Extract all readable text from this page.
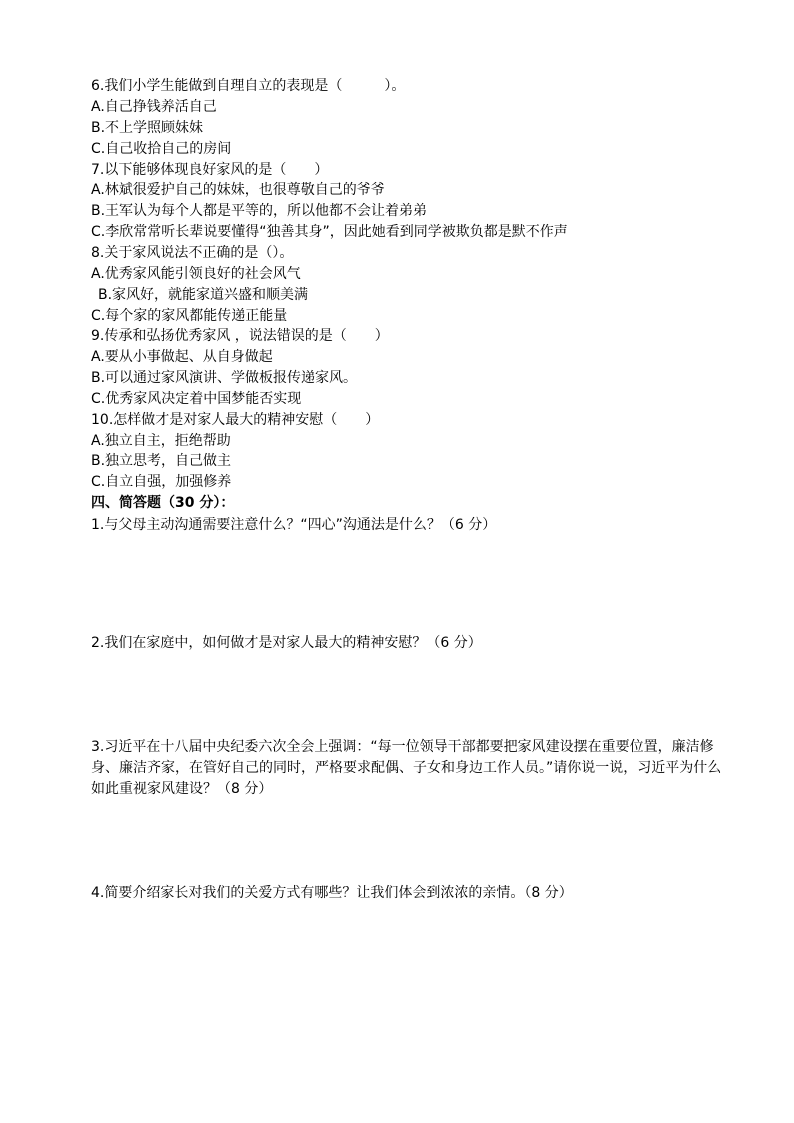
6.我们小学生能做到自理自立的表现是（　　　）。
A.自己挣钱养活自己
B.不上学照顾妹妹
C.自己收拾自己的房间
7.以下能够体现良好家风的是（　　）
A.林斌很爱护自己的妹妹，也很尊敬自己的爷爷
B.王军认为每个人都是平等的，所以他都不会让着弟弟
C.李欣常常听长辈说要懂得“独善其身”，因此她看到同学被欺负都是默不作声
8.关于家风说法不正确的是（）。
A.优秀家风能引领良好的社会风气
B.家风好，就能家道兴盛和顺美满
C.每个家的家风都能传递正能量
9.传承和弘扬优秀家风 ，说法错误的是（　　）
A.要从小事做起、从自身做起
B.可以通过家风演讲、学做板报传递家风。
C.优秀家风决定着中国梦能否实现
10.怎样做才是对家人最大的精神安慰（　　）
A.独立自主，拒绝帮助
B.独立思考，自己做主
C.自立自强，加强修养
四、简答题（30 分）：
1.与父母主动沟通需要注意什么？“四心”沟通法是什么？（6 分）
2.我们在家庭中，如何做才是对家人最大的精神安慰？（6 分）
3.习近平在十八届中央纪委六次全会上强调：“每一位领导干部都要把家风建设摆在重要位置，廉洁修身、廉洁齐家，在管好自己的同时，严格要求配偶、子女和身边工作人员。”请你说一说，习近平为什么如此重视家风建设？（8 分）
4.简要介绍家长对我们的关爱方式有哪些？让我们体会到浓浓的亲情。（8 分）
